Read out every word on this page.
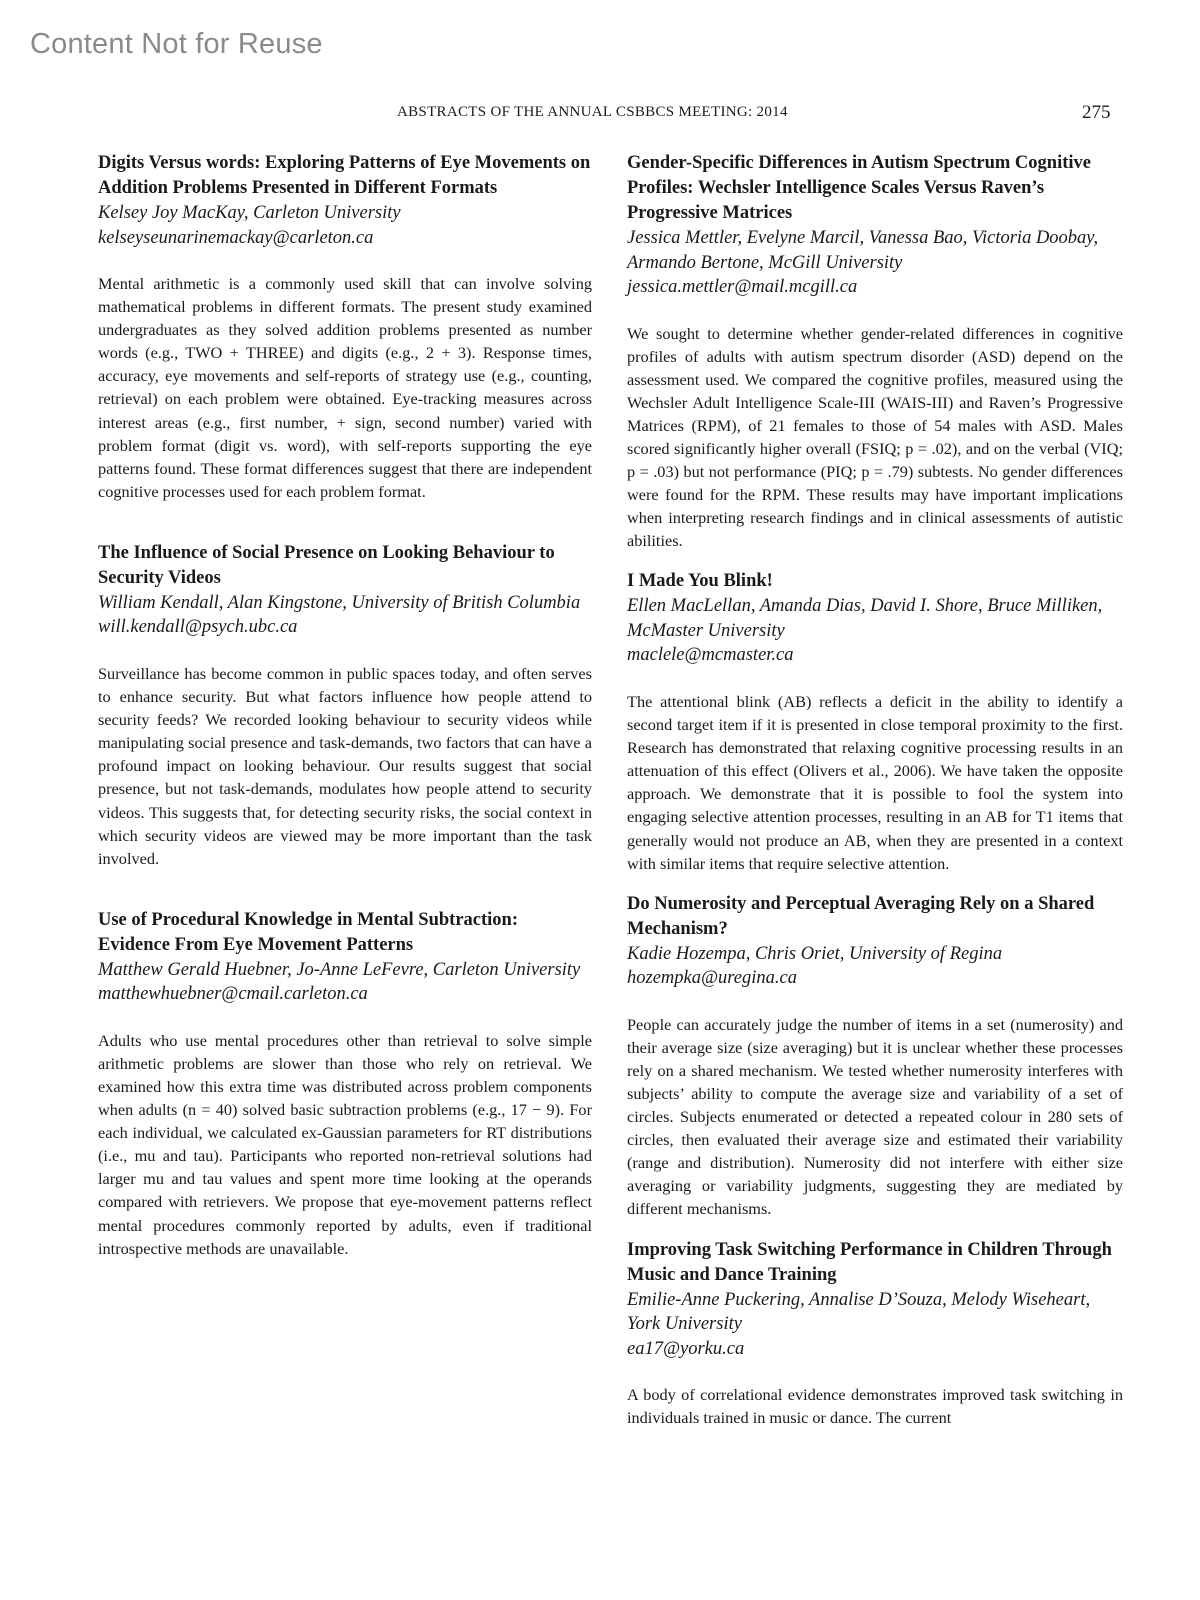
Content Not for Reuse
ABSTRACTS OF THE ANNUAL CSBBCS MEETING: 2014	275

Digits Versus words: Exploring Patterns of Eye Movements on Addition Problems Presented in Different Formats

Kelsey Joy MacKay, Carleton University

kelseyseunarinemackay@carleton.ca

Mental arithmetic is a commonly used skill that can involve solving mathematical problems in different formats. The present study examined undergraduates as they solved addition problems presented as number words (e.g., TWO + THREE) and digits (e.g., 2 + 3). Response times, accuracy, eye movements and self-reports of strategy use (e.g., counting, retrieval) on each problem were obtained. Eye-tracking measures across interest areas (e.g., first number, + sign, second number) varied with problem format (digit vs. word), with self-reports supporting the eye patterns found. These format differences suggest that there are independent cognitive processes used for each problem format.

The Influence of Social Presence on Looking Behaviour to Security Videos

William Kendall, Alan Kingstone, University of British Columbia

will.kendall@psych.ubc.ca

Surveillance has become common in public spaces today, and often serves to enhance security. But what factors influence how people attend to security feeds? We recorded looking behaviour to security videos while manipulating social presence and task-demands, two factors that can have a profound impact on looking behaviour. Our results suggest that social presence, but not task-demands, modulates how people attend to security videos. This suggests that, for detecting security risks, the social context in which security videos are viewed may be more important than the task involved.

Use of Procedural Knowledge in Mental Subtraction: Evidence From Eye Movement Patterns

Matthew Gerald Huebner, Jo-Anne LeFevre, Carleton University

matthewhuebner@cmail.carleton.ca

Adults who use mental procedures other than retrieval to solve simple arithmetic problems are slower than those who rely on retrieval. We examined how this extra time was distributed across problem components when adults (n = 40) solved basic subtraction problems (e.g., 17 − 9). For each individual, we calculated ex-Gaussian parameters for RT distributions (i.e., mu and tau). Participants who reported non-retrieval solutions had larger mu and tau values and spent more time looking at the operands compared with retrievers. We propose that eye-movement patterns reflect mental procedures commonly reported by adults, even if traditional introspective methods are unavailable.

Gender-Specific Differences in Autism Spectrum Cognitive Profiles: Wechsler Intelligence Scales Versus Raven’s Progressive Matrices

Jessica Mettler, Evelyne Marcil, Vanessa Bao, Victoria Doobay, Armando Bertone, McGill University

jessica.mettler@mail.mcgill.ca

We sought to determine whether gender-related differences in cognitive profiles of adults with autism spectrum disorder (ASD) depend on the assessment used. We compared the cognitive profiles, measured using the Wechsler Adult Intelligence Scale-III (WAIS-III) and Raven’s Progressive Matrices (RPM), of 21 females to those of 54 males with ASD. Males scored significantly higher overall (FSIQ; p = .02), and on the verbal (VIQ; p = .03) but not performance (PIQ; p = .79) subtests. No gender differences were found for the RPM. These results may have important implications when interpreting research findings and in clinical assessments of autistic abilities.

I Made You Blink!

Ellen MacLellan, Amanda Dias, David I. Shore, Bruce Milliken, McMaster University

maclele@mcmaster.ca

The attentional blink (AB) reflects a deficit in the ability to identify a second target item if it is presented in close temporal proximity to the first. Research has demonstrated that relaxing cognitive processing results in an attenuation of this effect (Olivers et al., 2006). We have taken the opposite approach. We demonstrate that it is possible to fool the system into engaging selective attention processes, resulting in an AB for T1 items that generally would not produce an AB, when they are presented in a context with similar items that require selective attention.

Do Numerosity and Perceptual Averaging Rely on a Shared Mechanism?

Kadie Hozempa, Chris Oriet, University of Regina

hozempka@uregina.ca

People can accurately judge the number of items in a set (numerosity) and their average size (size averaging) but it is unclear whether these processes rely on a shared mechanism. We tested whether numerosity interferes with subjects’ ability to compute the average size and variability of a set of circles. Subjects enumerated or detected a repeated colour in 280 sets of circles, then evaluated their average size and estimated their variability (range and distribution). Numerosity did not interfere with either size averaging or variability judgments, suggesting they are mediated by different mechanisms.

Improving Task Switching Performance in Children Through Music and Dance Training

Emilie-Anne Puckering, Annalise D’Souza, Melody Wiseheart, York University

ea17@yorku.ca

A body of correlational evidence demonstrates improved task switching in individuals trained in music or dance. The current
